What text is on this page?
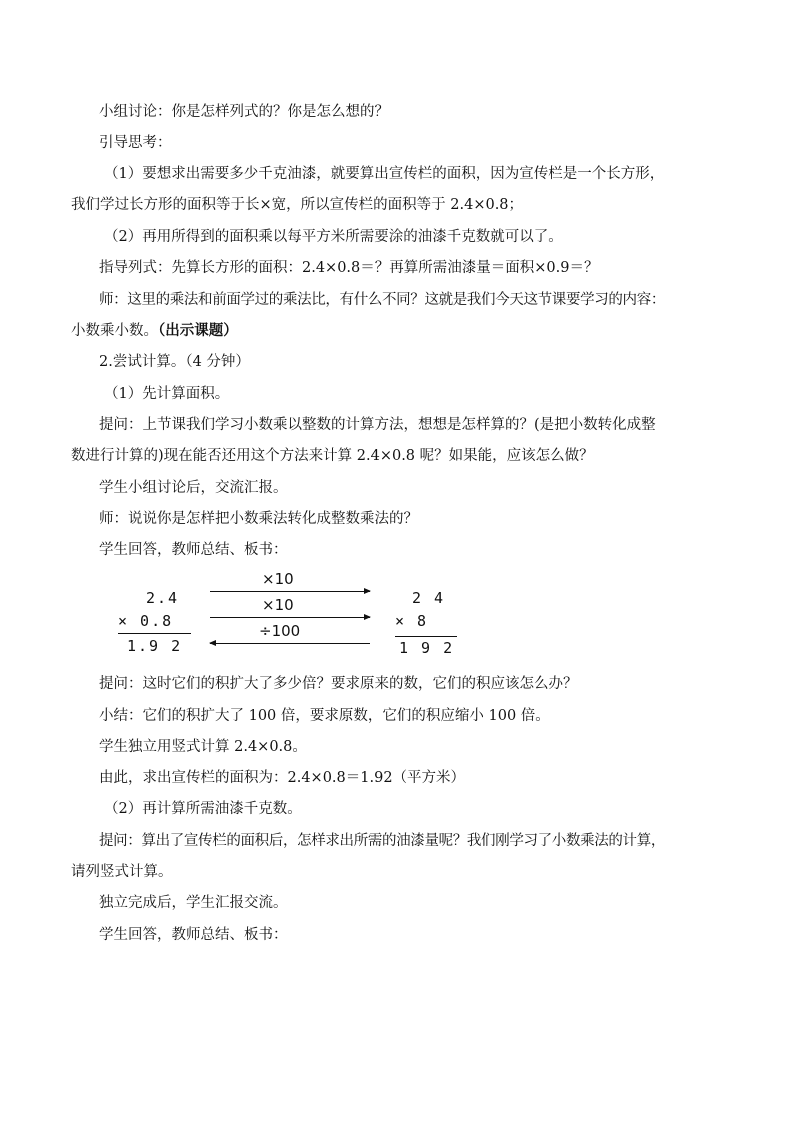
小组讨论：你是怎样列式的？你是怎么想的？
引导思考：
（1）要想求出需要多少千克油漆，就要算出宣传栏的面积，因为宣传栏是一个长方形，
我们学过长方形的面积等于长×宽，所以宣传栏的面积等于 2.4×0.8；
（2）再用所得到的面积乘以每平方米所需要涂的油漆千克数就可以了。
指导列式：先算长方形的面积：2.4×0.8＝？再算所需油漆量＝面积×0.9＝？
师：这里的乘法和前面学过的乘法比，有什么不同？这就是我们今天这节课要学习的内容：
小数乘小数。（出示课题）
2.尝试计算。（4 分钟）
（1）先计算面积。
提问：上节课我们学习小数乘以整数的计算方法，想想是怎样算的？(是把小数转化成整
数进行计算的)现在能否还用这个方法来计算 2.4×0.8 呢？如果能，应该怎么做？
学生小组讨论后，交流汇报。
师：说说你是怎样把小数乘法转化成整数乘法的？
学生回答，教师总结、板书：
2.4
× 0.8
1.9 2
×10
×10
÷100
2 4
× 8
1 9 2
提问：这时它们的积扩大了多少倍？要求原来的数，它们的积应该怎么办？
小结：它们的积扩大了 100 倍，要求原数，它们的积应缩小 100 倍。
学生独立用竖式计算 2.4×0.8。
由此，求出宣传栏的面积为：2.4×0.8＝1.92（平方米）
（2）再计算所需油漆千克数。
提问：算出了宣传栏的面积后，怎样求出所需的油漆量呢？我们刚学习了小数乘法的计算，
请列竖式计算。
独立完成后，学生汇报交流。
学生回答，教师总结、板书：
